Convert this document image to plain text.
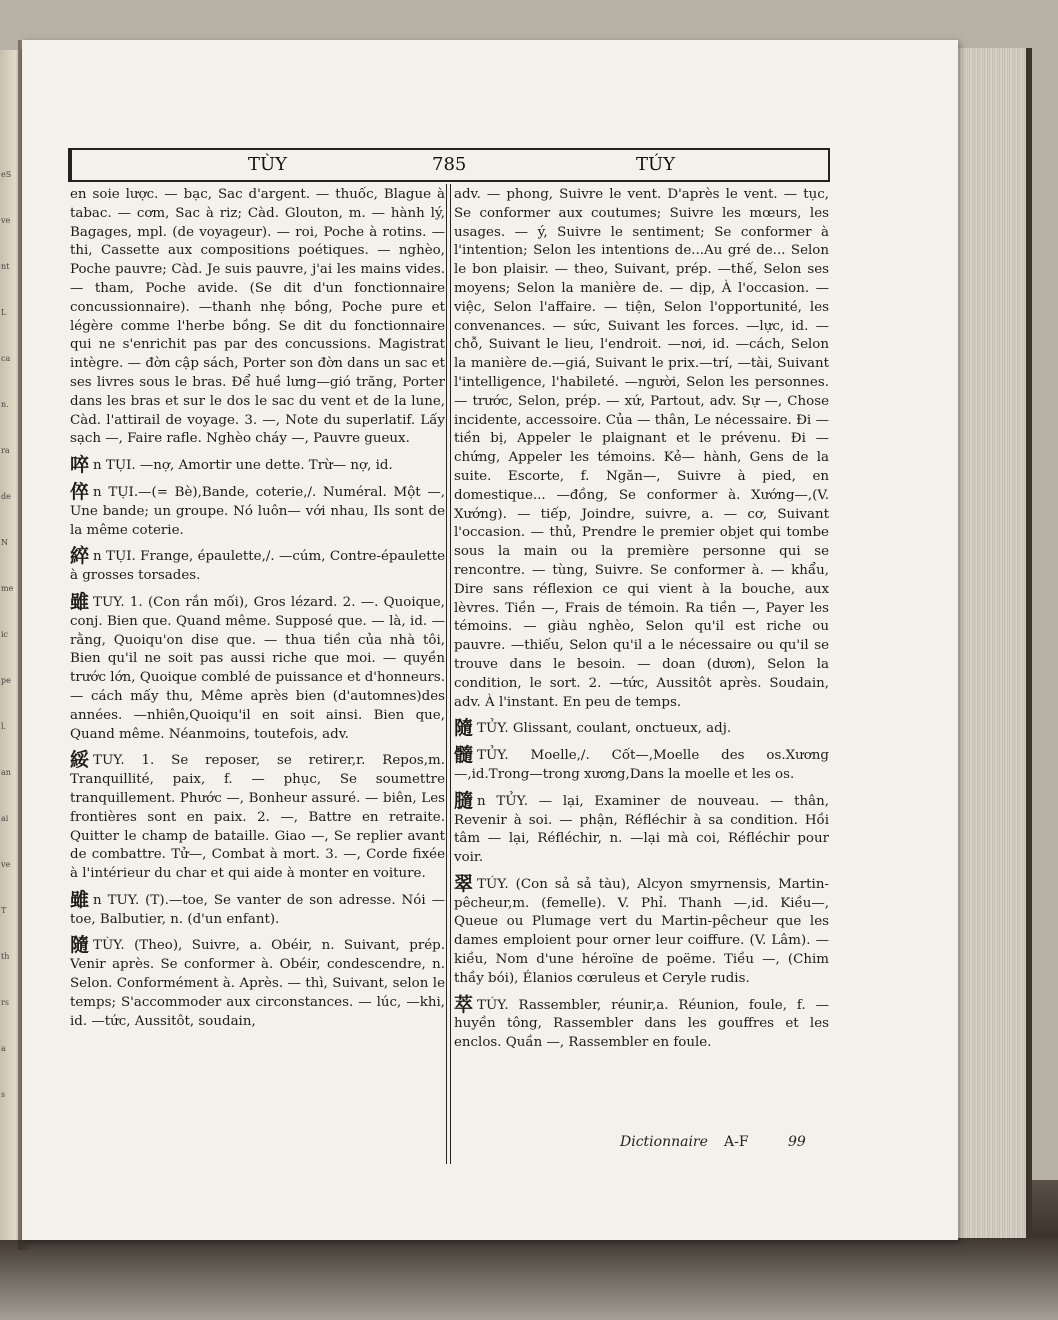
eS
ve
nt
L
ca
n.
ra
de
N
me
ic
pe
l.
an
ai
ve
T
th
rs
a
s
TÙY	785	TÚY
en soie lược. — bạc, Sac d'argent. — thuốc, Blague à tabac. — cơm, Sac à riz; Càd. Glouton, m. — hành lý, Bagages, mpl. (de voyageur). — roi, Poche à rotins. — thi, Cassette aux compositions poétiques. — nghèo, Poche pauvre; Càd. Je suis pauvre, j'ai les mains vides. — tham, Poche avide. (Se dit d'un fonctionnaire concussionnaire). —thanh nhẹ bồng, Poche pure et légère comme l'herbe bồng. Se dit du fonctionnaire qui ne s'enrichit pas par des concussions. Magistrat intègre. — đờn cập sách, Porter son đờn dans un sac et ses livres sous le bras. Để huề lưng—gió trăng, Porter dans les bras et sur le dos le sac du vent et de la lune, Càd. l'attirail de voyage. 3. —, Note du superlatif. Lấy sạch —, Faire rafle. Nghèo cháy —, Pauvre gueux.
啐 n TỤI. —nợ, Amortir une dette. Trừ— nợ, id.
倅 n TỤI.—(= Bè),Bande, coterie,/. Numéral. Một —, Une bande; un groupe. Nó luôn— với nhau, Ils sont de la même coterie.
綷 n TỤI. Frange, épaulette,/. —cúm, Contre-épaulette à grosses torsades.
雖 TUY. 1. (Con rắn mối), Gros lézard. 2. —. Quoique, conj. Bien que. Quand même. Supposé que. — là, id. — rằng, Quoiqu'on dise que. — thua tiền của nhà tôi, Bien qu'il ne soit pas aussi riche que moi. — quyền trước lớn, Quoique comblé de puissance et d'honneurs.— cách mấy thu, Même après bien (d'automnes)des années. —nhiên,Quoiqu'il en soit ainsi. Bien que, Quand même. Néanmoins, toutefois, adv.
綏 TUY. 1. Se reposer, se retirer,r. Repos,m. Tranquillité, paix, f. — phục, Se soumettre tranquillement. Phước —, Bonheur assuré. — biên, Les frontières sont en paix. 2. —, Battre en retraite. Quitter le champ de bataille. Giao —, Se replier avant de combattre. Tử—, Combat à mort. 3. —, Corde fixée à l'intérieur du char et qui aide à monter en voiture.
雖 n TUY. (T).—toe, Se vanter de son adresse. Nói — toe, Balbutier, n. (d'un enfant).
隨 TÙY. (Theo), Suivre, a. Obéir, n. Suivant, prép. Venir après. Se conformer à. Obéir, condescendre, n. Selon. Conformément à. Après. — thì, Suivant, selon le temps; S'accommoder aux circonstances. — lúc, —khi, id. —tức, Aussitôt, soudain,
adv. — phong, Suivre le vent. D'après le vent. — tục, Se conformer aux coutumes; Suivre les mœurs, les usages. — ý, Suivre le sentiment; Se conformer à l'intention; Selon les intentions de...Au gré de... Selon le bon plaisir. — theo, Suivant, prép. —thế, Selon ses moyens; Selon la manière de. — dịp, À l'occasion. — việc, Selon l'affaire. — tiện, Selon l'opportunité, les convenances. — sức, Suivant les forces. —lực, id. — chỗ, Suivant le lieu, l'endroit. —nơi, id. —cách, Selon la manière de.—giá, Suivant le prix.—trí, —tài, Suivant l'intelligence, l'habileté. —người, Selon les personnes. — trước, Selon, prép. — xứ, Partout, adv. Sự —, Chose incidente, accessoire. Của — thân, Le nécessaire. Đi — tiền bị, Appeler le plaignant et le prévenu. Đi — chứng, Appeler les témoins. Kẻ— hành, Gens de la suite. Escorte, f. Ngăn—, Suivre à pied, en domestique... —đồng, Se conformer à. Xướng—,(V. Xướng). — tiếp, Joindre, suivre, a. — cơ, Suivant l'occasion. — thủ, Prendre le premier objet qui tombe sous la main ou la première personne qui se rencontre. — tùng, Suivre. Se conformer à. — khẩu, Dire sans réflexion ce qui vient à la bouche, aux lèvres. Tiền —, Frais de témoin. Ra tiền —, Payer les témoins. — giàu nghèo, Selon qu'il est riche ou pauvre. —thiếu, Selon qu'il a le nécessaire ou qu'il se trouve dans le besoin. — doan (dươn), Selon la condition, le sort. 2. —tức, Aussitôt après. Soudain, adv. À l'instant. En peu de temps.
隨 TỦY. Glissant, coulant, onctueux, adj.
髓 TỦY. Moelle,/. Cốt—,Moelle des os.Xương —,id.Trong—trong xương,Dans la moelle et les os.
膸 n TỦY. — lại, Examiner de nouveau. — thân, Revenir à soi. — phận, Réfléchir à sa condition. Hồi tâm — lại, Réfléchir, n. —lại mà coi, Réfléchir pour voir.
翠 TÚY. (Con sả sả tàu), Alcyon smyrnensis, Martin-pêcheur,m. (femelle). V. Phỉ. Thanh —,id. Kiều—, Queue ou Plumage vert du Martin-pêcheur que les dames emploient pour orner leur coiffure. (V. Lâm). — kiều, Nom d'une héroïne de poëme. Tiều —, (Chim thầy bói), Élanios cœruleus et Ceryle rudis.
萃 TÚY. Rassembler, réunir,a. Réunion, foule, f. — huyền tông, Rassembler dans les gouffres et les enclos. Quần —, Rassembler en foule.
Dictionnaire A-F	99
